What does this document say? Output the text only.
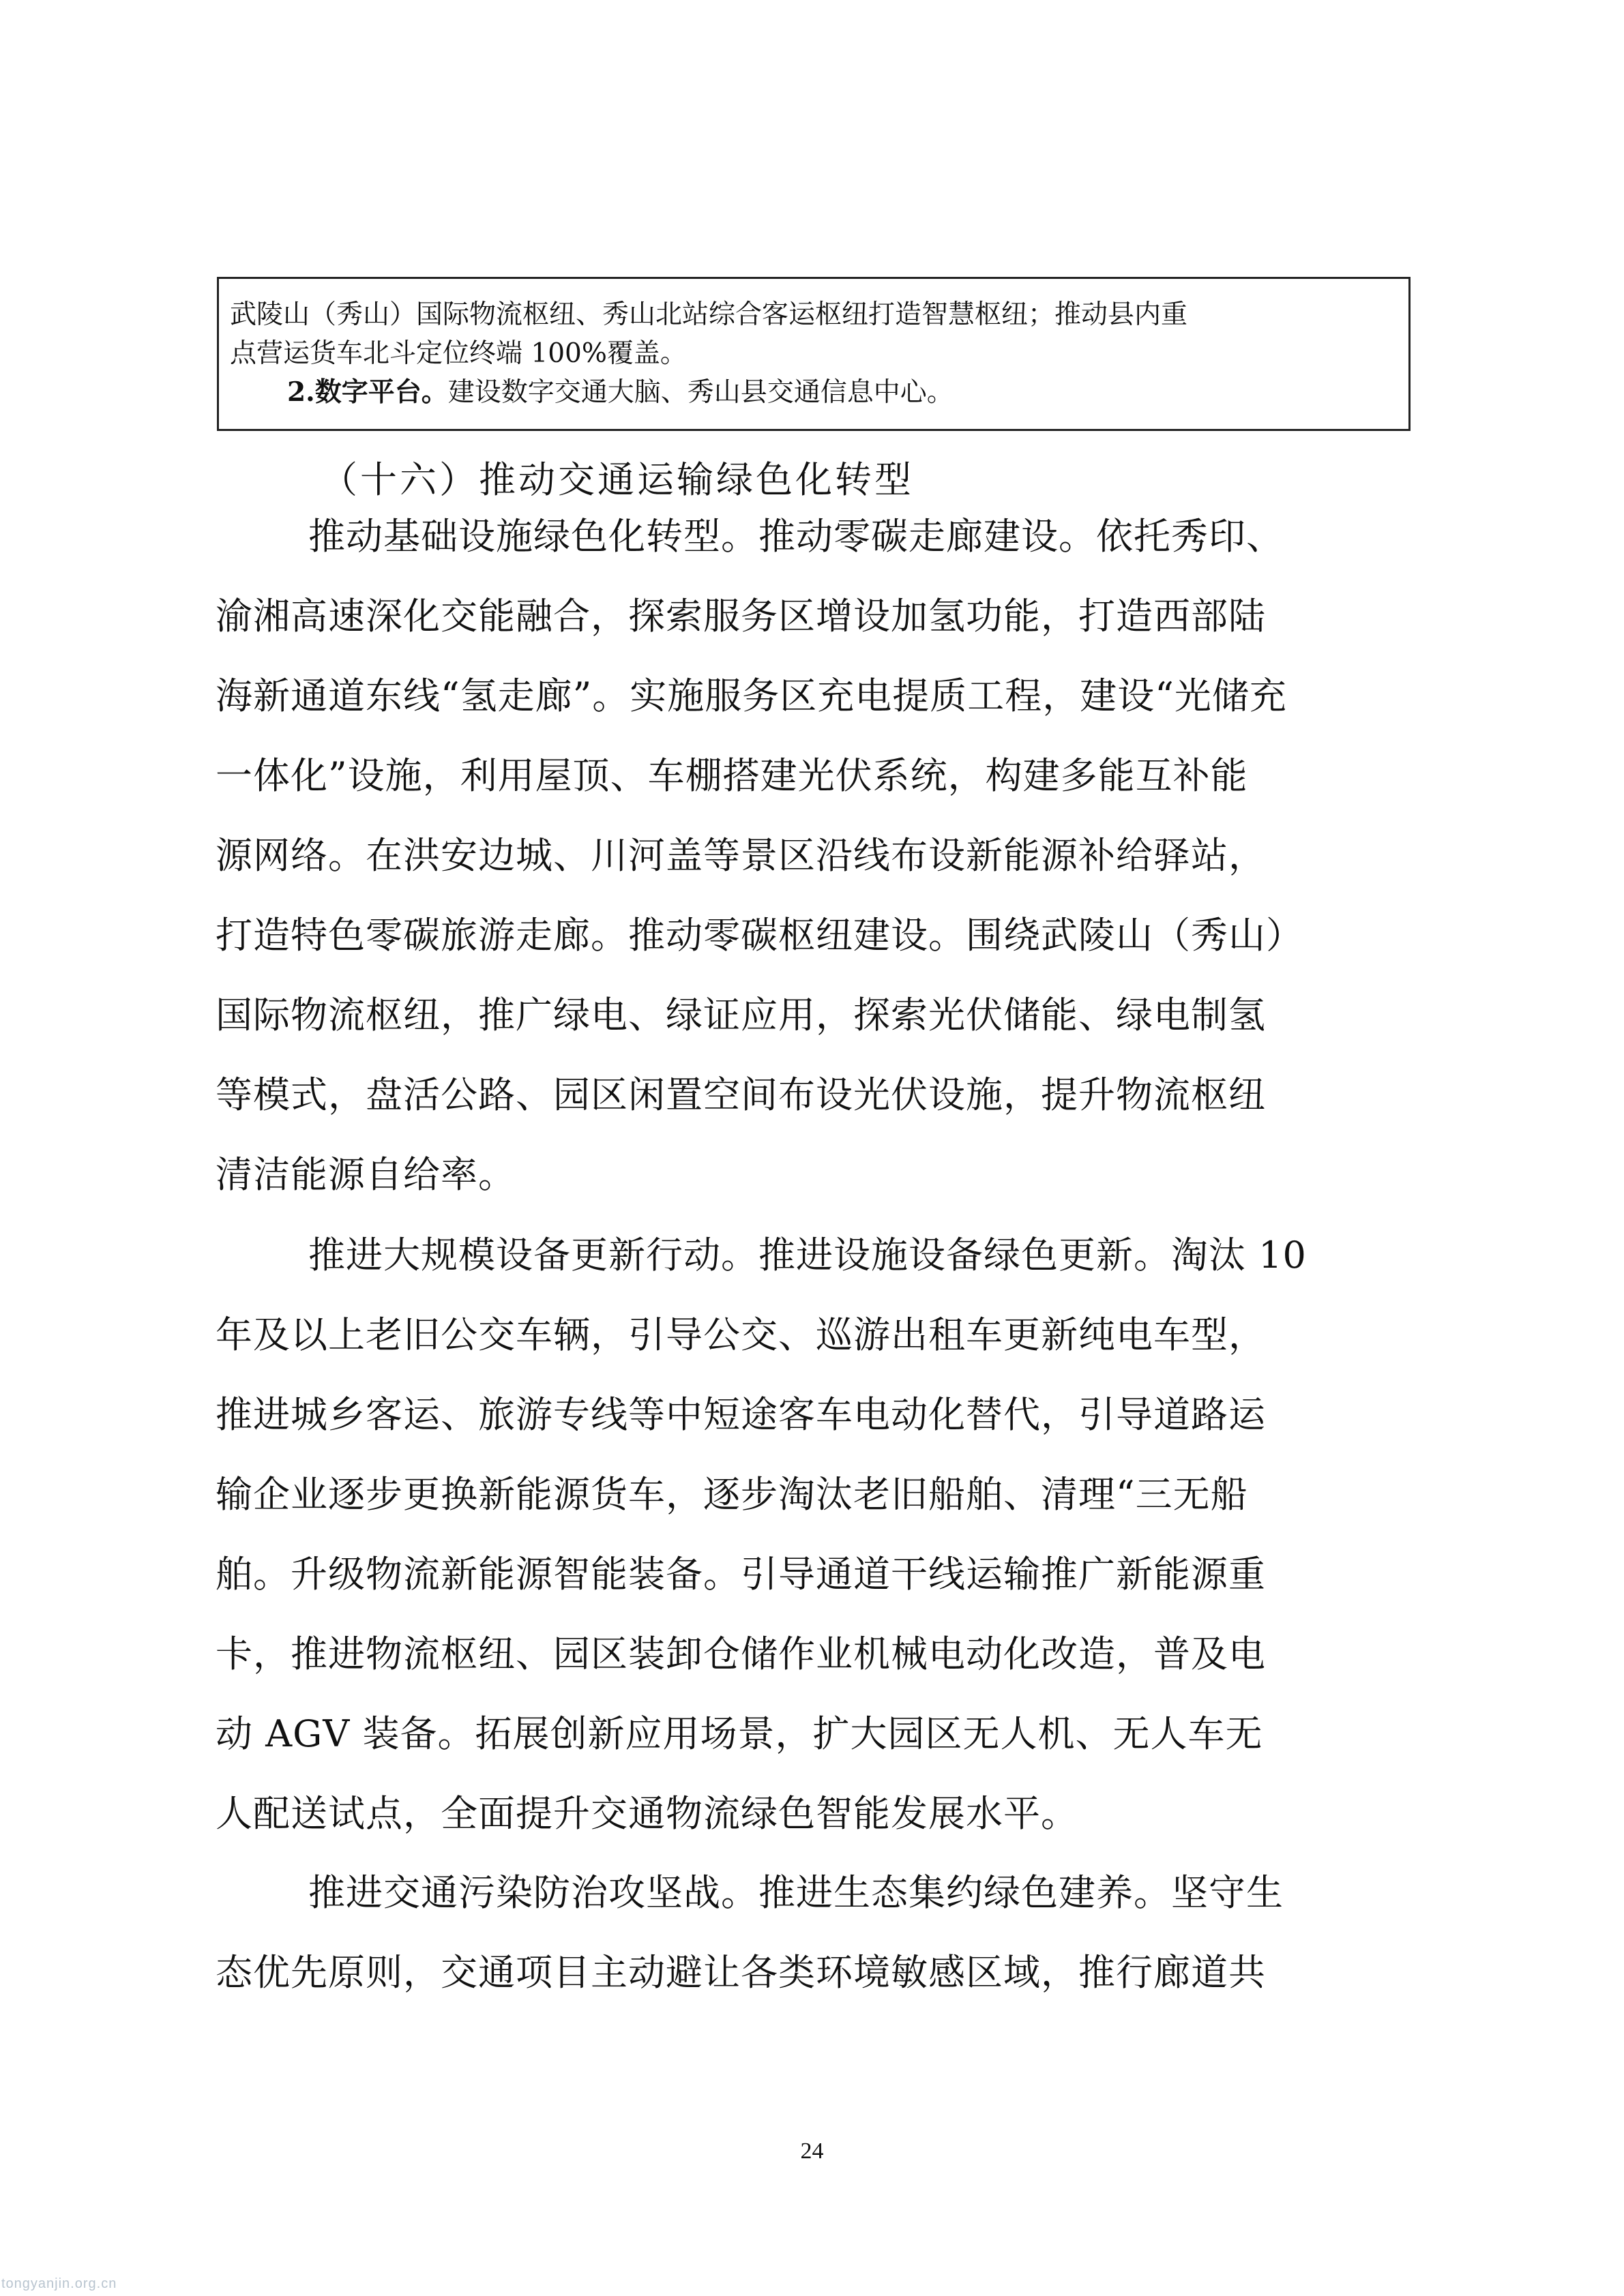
武陵山（秀山）国际物流枢纽、秀山北站综合客运枢纽打造智慧枢纽；推动县内重

点营运货车北斗定位终端 100%覆盖。

2.数字平台。建设数字交通大脑、秀山县交通信息中心。

（十六）推动交通运输绿色化转型

推动基础设施绿色化转型。推动零碳走廊建设。依托秀印、
渝湘高速深化交能融合，探索服务区增设加氢功能，打造西部陆
海新通道东线“氢走廊”。实施服务区充电提质工程，建设“光储充
一体化”设施，利用屋顶、车棚搭建光伏系统，构建多能互补能
源网络。在洪安边城、川河盖等景区沿线布设新能源补给驿站，
打造特色零碳旅游走廊。推动零碳枢纽建设。围绕武陵山（秀山）
国际物流枢纽，推广绿电、绿证应用，探索光伏储能、绿电制氢
等模式，盘活公路、园区闲置空间布设光伏设施，提升物流枢纽
清洁能源自给率。

推进大规模设备更新行动。推进设施设备绿色更新。淘汰 10
年及以上老旧公交车辆，引导公交、巡游出租车更新纯电车型，
推进城乡客运、旅游专线等中短途客车电动化替代，引导道路运
输企业逐步更换新能源货车，逐步淘汰老旧船舶、清理“三无船
舶。升级物流新能源智能装备。引导通道干线运输推广新能源重
卡，推进物流枢纽、园区装卸仓储作业机械电动化改造，普及电
动 AGV 装备。拓展创新应用场景，扩大园区无人机、无人车无
人配送试点，全面提升交通物流绿色智能发展水平。

推进交通污染防治攻坚战。推进生态集约绿色建养。坚守生
态优先原则，交通项目主动避让各类环境敏感区域，推行廊道共

24
tongyanjin.org.cn
